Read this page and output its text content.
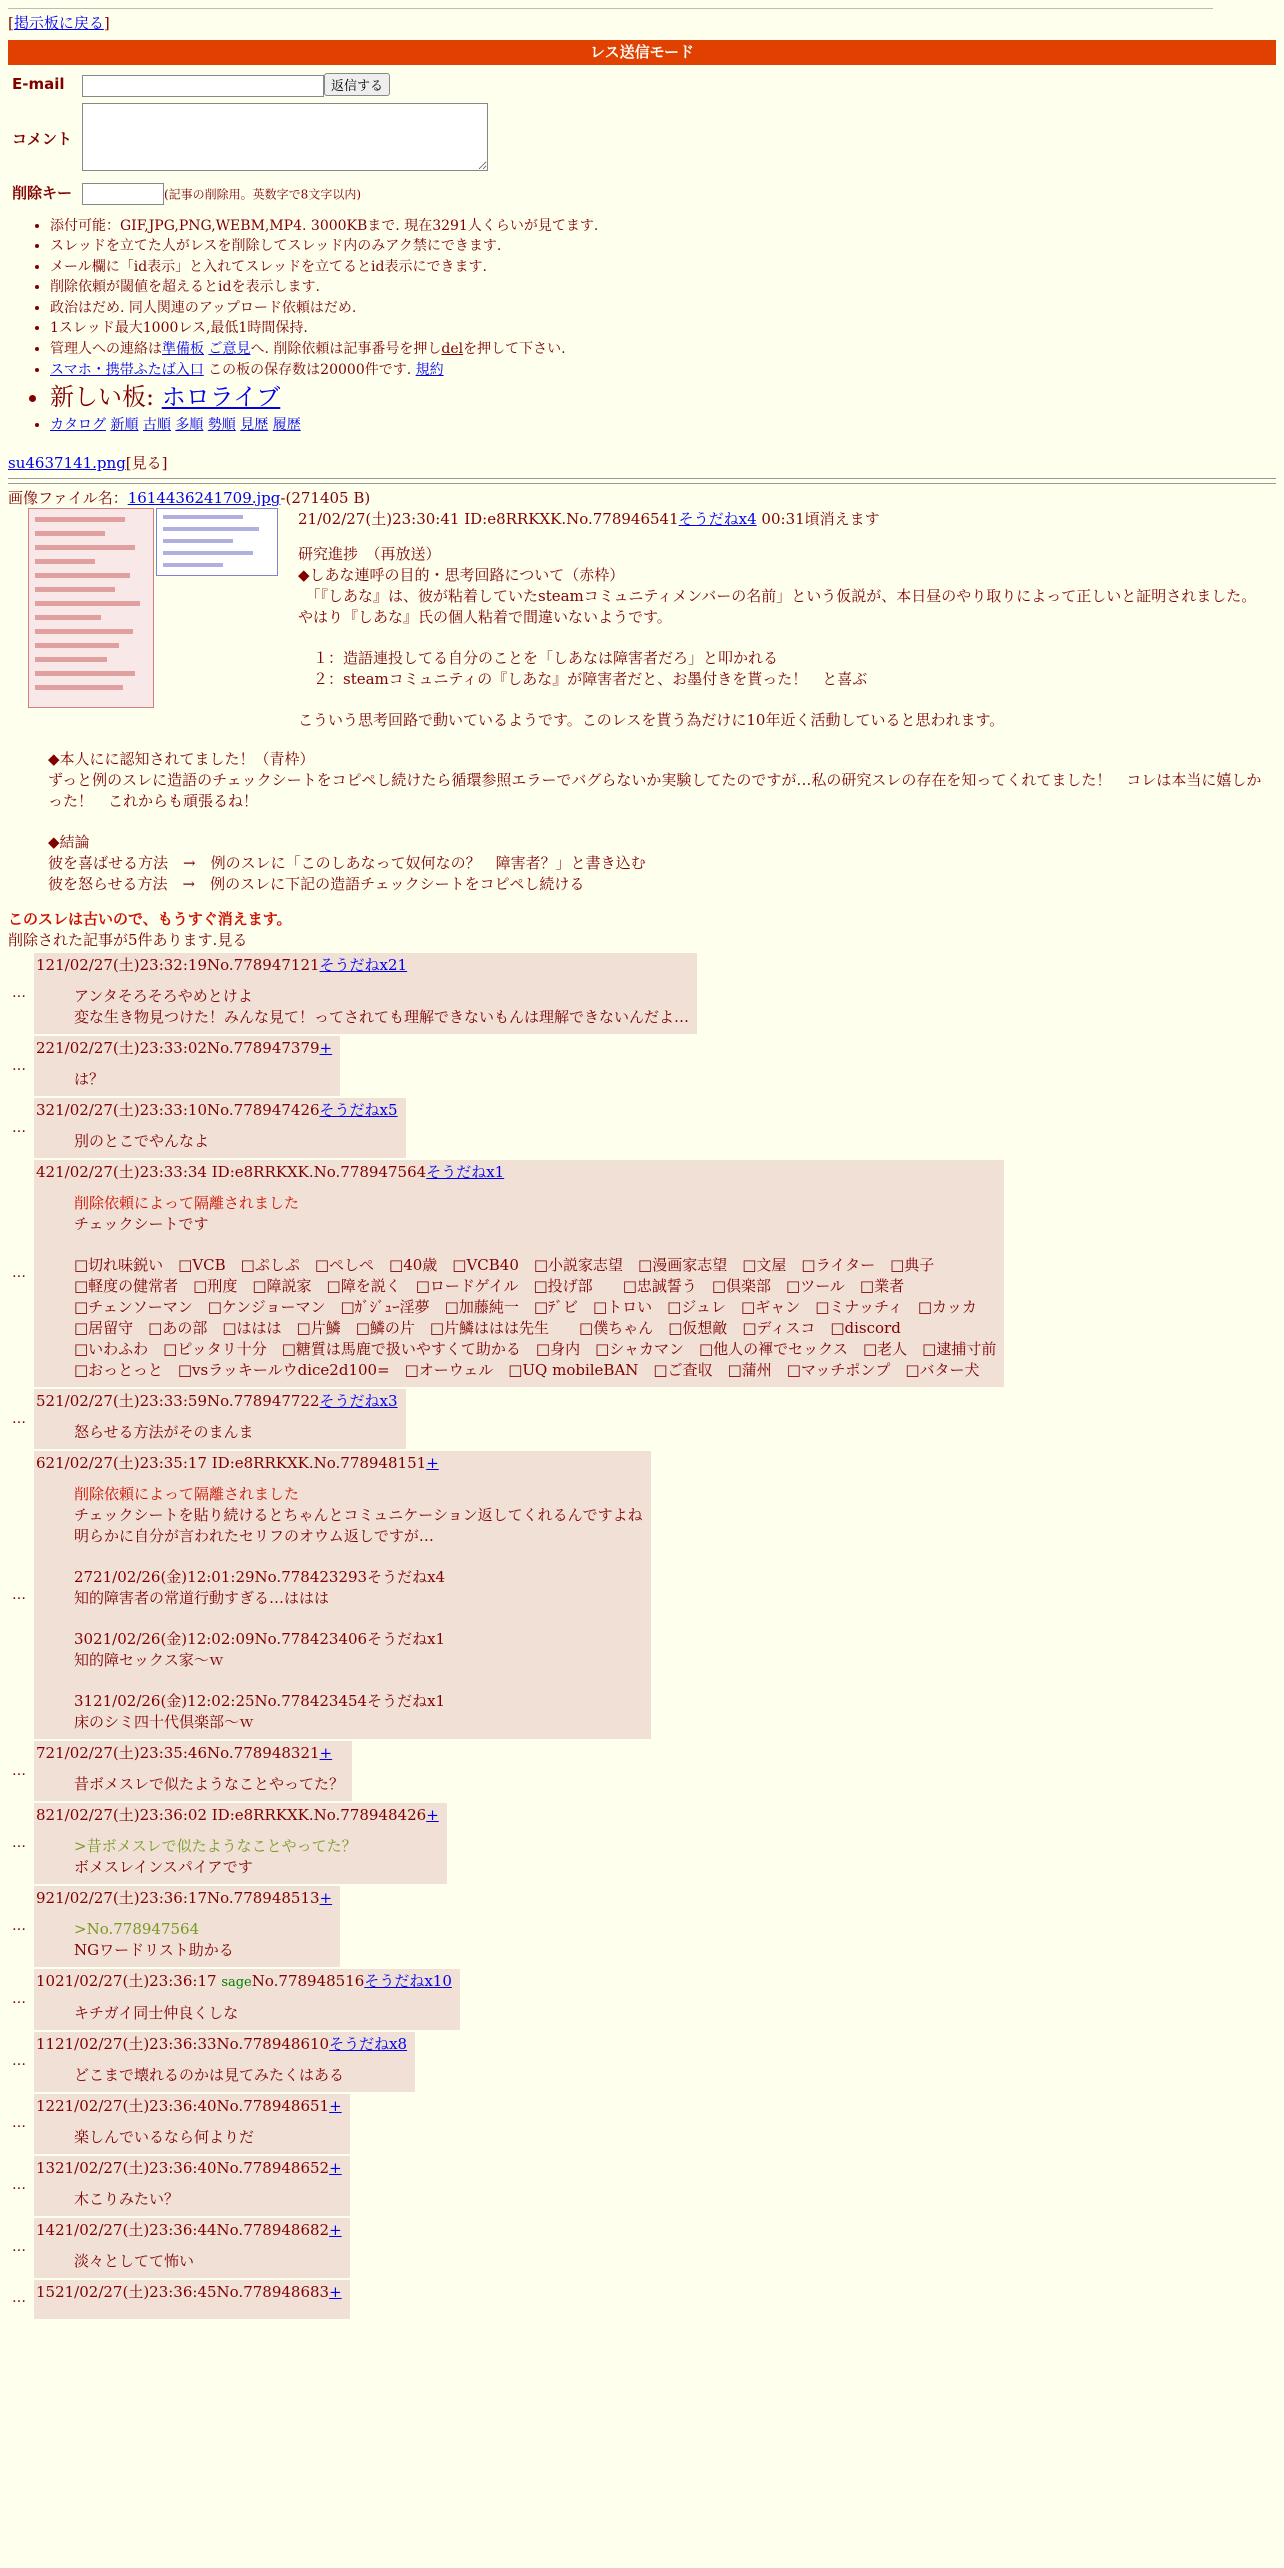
[掲示板に戻る]
レス送信モード
E-mail	返信する
コメント	
削除キー	(記事の削除用。英数字で8文字以内)
• 添付可能：GIF,JPG,PNG,WEBM,MP4. 3000KBまで. 現在3291人くらいが見てます.
• スレッドを立てた人がレスを削除してスレッド内のみアク禁にできます.
• メール欄に「id表示」と入れてスレッドを立てるとid表示にできます.
• 削除依頼が閾値を超えるとidを表示します.
• 政治はだめ. 同人関連のアップロード依頼はだめ.
• 1スレッド最大1000レス,最低1時間保持.
• 管理人への連絡は準備板 ご意見へ. 削除依頼は記事番号を押しdelを押して下さい.
• スマホ・携帯ふたば入口 この板の保存数は20000件です. 規約
• 新しい板: ホロライブ
• カタログ 新順 古順 多順 勢順 見歴 履歴
su4637141.png[見る]
画像ファイル名：1614436241709.jpg-(271405 B)
21/02/27(土)23:30:41 ID:e8RRKXK.No.778946541そうだねx4 00:31頃消えます
研究進捗　（再放送）
◆しあな連呼の目的・思考回路について（赤枠）
　「『しあな』は、彼が粘着していたsteamコミュニティメンバーの名前」という仮説が、本日昼のやり取りによって正しいと証明されました。　やはり『しあな』氏の個人粘着で間違いないようです。
　１：造語連投してる自分のことを「しあなは障害者だろ」と叩かれる
　２：steamコミュニティの『しあな』が障害者だと、お墨付きを貰った！　と喜ぶ
こういう思考回路で動いているようです。このレスを貰う為だけに10年近く活動していると思われます。
◆本人にに認知されてました！（青枠）
ずっと例のスレに造語のチェックシートをコピペし続けたら循環参照エラーでバグらないか実験してたのですが…私の研究スレの存在を知ってくれてました！　コレは本当に嬉しかった！　これからも頑張るね！
◆結論
彼を喜ばせる方法　→　例のスレに「このしあなって奴何なの？　障害者？」と書き込む
彼を怒らせる方法　→　例のスレに下記の造語チェックシートをコピペし続ける
このスレは古いので、もうすぐ消えます。
削除された記事が5件あります.見る
…
121/02/27(土)23:32:19No.778947121そうだねx21
アンタそろそろやめとけよ
変な生き物見つけた！みんな見て！ってされても理解できないもんは理解できないんだよ…
…
221/02/27(土)23:33:02No.778947379+
は？
…
321/02/27(土)23:33:10No.778947426そうだねx5
別のとこでやんなよ
…
421/02/27(土)23:33:34 ID:e8RRKXK.No.778947564そうだねx1
削除依頼によって隔離されました
チェックシートです
□切れ味鋭い　□VCB　□ぷしぷ　□ぺしぺ　□40歳　□VCB40　□小説家志望　□漫画家志望　□文屋　□ライター　□典子
□軽度の健常者　□刑度　□障説家　□障を説く　□ロードゲイル　□投げ部　　□忠誠誓う　□倶楽部　□ツール　□業者
□チェンソーマン　□ケンジョーマン　□ｶﾞｼﾞｭｰ淫夢　□加藤純一　□ﾃﾞビ　□トロい　□ジュレ　□ギャン　□ミナッチィ　□カッカ
□居留守　□あの部　□ははは　□片鱗　□鱗の片　□片鱗ははは先生　　□僕ちゃん　□仮想敵　□ディスコ　□discord
□いわふわ　□ピッタリ十分　□糖質は馬鹿で扱いやすくて助かる　□身内　□シャカマン　□他人の褌でセックス　□老人　□逮捕寸前
□おっとっと　□vsラッキールウdice2d100=　□オーウェル　□UQ mobileBAN　□ご査収　□蒲州　□マッチポンプ　□バター犬
…
521/02/27(土)23:33:59No.778947722そうだねx3
怒らせる方法がそのまんま
…
621/02/27(土)23:35:17 ID:e8RRKXK.No.778948151+
削除依頼によって隔離されました
チェックシートを貼り続けるとちゃんとコミュニケーション返してくれるんですよね
明らかに自分が言われたセリフのオウム返しですが…
2721/02/26(金)12:01:29No.778423293そうだねx4
知的障害者の常道行動すぎる…ははは
3021/02/26(金)12:02:09No.778423406そうだねx1
知的障セックス家～ｗ
3121/02/26(金)12:02:25No.778423454そうだねx1
床のシミ四十代倶楽部～ｗ
…
721/02/27(土)23:35:46No.778948321+
昔ボメスレで似たようなことやってた？
…
821/02/27(土)23:36:02 ID:e8RRKXK.No.778948426+
>昔ボメスレで似たようなことやってた？
ボメスレインスパイアです
…
921/02/27(土)23:36:17No.778948513+
>No.778947564
NGワードリスト助かる
…
1021/02/27(土)23:36:17 sageNo.778948516そうだねx10
キチガイ同士仲良くしな
…
1121/02/27(土)23:36:33No.778948610そうだねx8
どこまで壊れるのかは見てみたくはある
…
1221/02/27(土)23:36:40No.778948651+
楽しんでいるなら何よりだ
…
1321/02/27(土)23:36:40No.778948652+
木こりみたい？
…
1421/02/27(土)23:36:44No.778948682+
淡々としてて怖い
… 1521/02/27(土)23:36:45No.778948683+
